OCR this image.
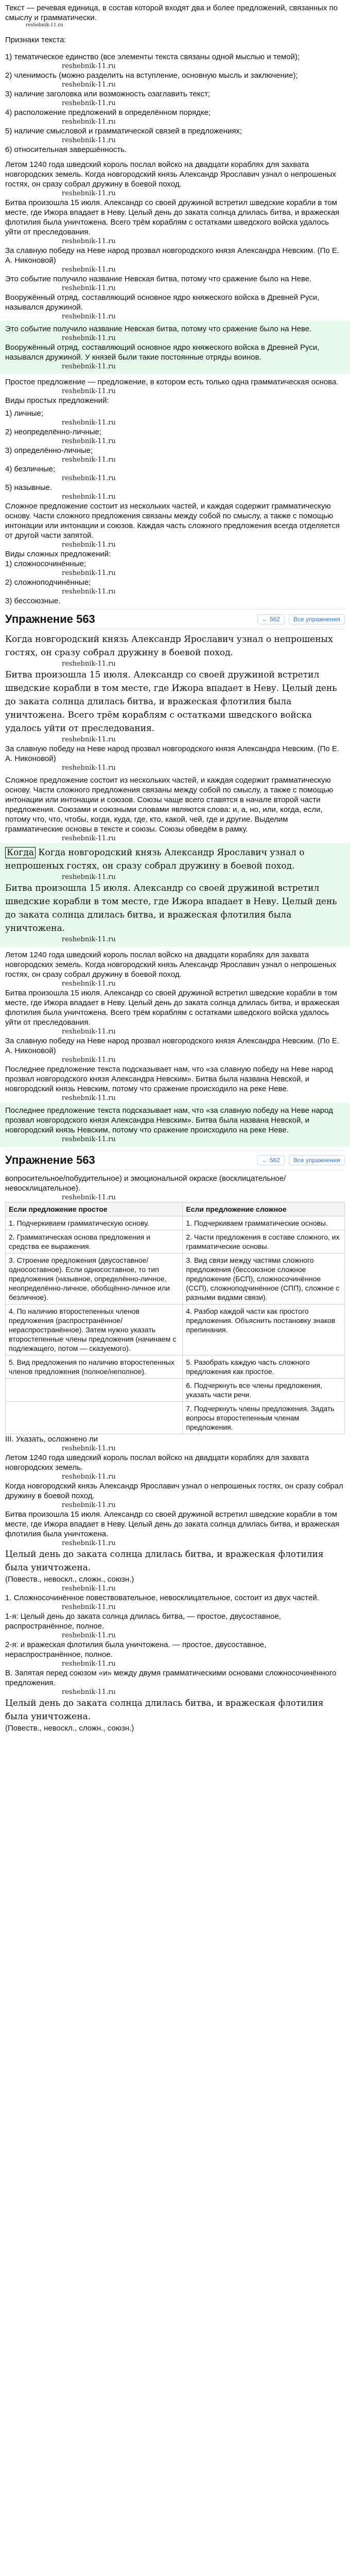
Текст — речевая единица, в состав которой входят два и более предложений, связанных по смыслу и грамматически.

reshebnik-11.ru

Признаки текста:

1) тематическое единство (все элементы текста связаны одной мыслью и темой);

reshebnik-11.ru

2) членимость (можно разделить на вступление, основную мысль и заключение);

reshebnik-11.ru

3) наличие заголовка или возможность озаглавить текст;

reshebnik-11.ru

4) расположение предложений в определённом порядке;

reshebnik-11.ru

5) наличие смысловой и грамматической связей в предложениях;

reshebnik-11.ru

6) относительная завершённость.

Летом 1240 года шведский король послал войско на двадцати кораблях для захвата новгородских земель. Когда новгородский князь Александр Ярославич узнал о непрошеных гостях, он сразу собрал дружину в боевой поход.

reshebnik-11.ru

Битва произошла 15 июля. Александр со своей дружиной встретил шведские корабли в том месте, где Ижора впадает в Неву. Целый день до заката солнца длилась битва, и вражеская флотилия была уничтожена. Всего трём кораблям с остатками шведского войска удалось уйти от преследования.

reshebnik-11.ru

За славную победу на Неве народ прозвал новгородского князя Александра Невским. (По Е. А. Никоновой)

reshebnik-11.ru

Это событие получило название Невская битва, потому что сражение было на Неве.

reshebnik-11.ru

Вооружённый отряд, составляющий основное ядро княжеского войска в Древней Руси, назывался дружиной.

reshebnik-11.ru

Это событие получило название Невская битва, потому что сражение было на Неве.

reshebnik-11.ru

Вооружённый отряд, составляющий основное ядро княжеского войска в Древней Руси, назывался дружиной. У князей были такие постоянные отряды воинов.

reshebnik-11.ru

Простое предложение — предложение, в котором есть только одна грамматическая основа.

reshebnik-11.ru

Виды простых предложений:

1) личные;

reshebnik-11.ru

2) неопределённо-личные;

reshebnik-11.ru

3) определённо-личные;

reshebnik-11.ru

4) безличные;

reshebnik-11.ru

5) назывные.

reshebnik-11.ru

Сложное предложение состоит из нескольких частей, и каждая содержит грамматическую основу. Части сложного предложения связаны между собой по смыслу, а также с помощью интонации или интонации и союзов. Каждая часть сложного предложения всегда отделяется от другой части запятой.

reshebnik-11.ru

Виды сложных предложений:

1) сложносочинённые;

reshebnik-11.ru

2) сложноподчинённые;

reshebnik-11.ru

3) бессоюзные.

Упражнение 563	← 562	Все упражнения

Когда новгородский князь Александр Ярославич узнал о непрошеных гостях, он сразу собрал дружину в боевой поход.

reshebnik-11.ru

Битва произошла 15 июля. Александр со своей дружиной встретил шведские корабли в том месте, где Ижора впадает в Неву. Целый день до заката солнца длилась битва, и вражеская флотилия была уничтожена. Всего трём кораблям с остатками шведского войска удалось уйти от преследования.

reshebnik-11.ru

За славную победу на Неве народ прозвал новгородского князя Александра Невским. (По Е. А. Никоновой)

reshebnik-11.ru

Сложное предложение состоит из нескольких частей, и каждая содержит грамматическую основу. Части сложного предложения связаны между собой по смыслу, а также с помощью интонации или интонации и союзов. Союзы чаще всего ставятся в начале второй части предложения. Союзами и союзными словами являются слова: и, а, но, или, когда, если, потому что, что, чтобы, когда, куда, где, кто, какой, чей, где и другие. Выделим грамматические основы в тексте и союзы. Союзы обведём в рамку.

reshebnik-11.ru

Когда Когда новгородский князь Александр Ярославич узнал о непрошеных гостях, он сразу собрал дружину в боевой поход.

reshebnik-11.ru

Битва произошла 15 июля. Александр со своей дружиной встретил шведские корабли в том месте, где Ижора впадает в Неву. Целый день до заката солнца длилась битва, и вражеская флотилия была уничтожена.

reshebnik-11.ru

Летом 1240 года шведский король послал войско на двадцати кораблях для захвата новгородских земель. Когда новгородский князь Александр Ярославич узнал о непрошеных гостях, он сразу собрал дружину в боевой поход.

reshebnik-11.ru

Битва произошла 15 июля. Александр со своей дружиной встретил шведские корабли в том месте, где Ижора впадает в Неву. Целый день до заката солнца длилась битва, и вражеская флотилия была уничтожена. Всего трём кораблям с остатками шведского войска удалось уйти от преследования.

reshebnik-11.ru

За славную победу на Неве народ прозвал новгородского князя Александра Невским. (По Е. А. Никоновой)

reshebnik-11.ru

Последнее предложение текста подсказывает нам, что «за славную победу на Неве народ прозвал новгородского князя Александра Невским». Битва была названа Невской, и новгородский князь Невским, потому что сражение происходило на реке Неве.

reshebnik-11.ru

Последнее предложение текста подсказывает нам, что «за славную победу на Неве народ прозвал новгородского князя Александра Невским». Битва была названа Невской, и новгородский князь Невским, потому что сражение происходило на реке Неве.

reshebnik-11.ru
Упражнение 563	← 562	Все упражнения

вопросительное/побудительное) и эмоциональной окраске (восклицательное/невосклицательное).

reshebnik-11.ru
Если предложение простое	Если предложение сложное
1. Подчеркиваем грамматическую основу.	1. Подчеркиваем грамматические основы.
2. Грамматическая основа предложения и средства ее выражения.	2. Части предложения в составе сложного, их грамматические основы.
3. Строение предложения (двусоставное/односоставное). Если односоставное, то тип предложения (назывное, определённо-личное, неопределённо-личное, обобщённо-личное или безличное).	3. Вид связи между частями сложного предложения (бессоюзное сложное предложение (БСП), сложносочинённое (ССП), сложноподчинённое (СПП), сложное с разными видами связи).
4. По наличию второстепенных членов предложения (распространённое/ нераспространённое). Затем нужно указать второстепенные члены предложения (начинаем с подлежащего, потом — сказуемого).	4. Разбор каждой части как простого предложения. Объяснить постановку знаков препинания.
5. Вид предложения по наличию второстепенных членов предложения (полное/неполное).	5. Разобрать каждую часть сложного предложения как простое.
	6. Подчеркнуть все члены предложения, указать части речи.
	7. Подчеркнуть члены предложения. Задать вопросы второстепенным членам предложения.

III. Указать, осложнено ли

reshebnik-11.ru

Летом 1240 года шведский король послал войско на двадцати кораблях для захвата новгородских земель.

reshebnik-11.ru

Когда новгородский князь Александр Ярославич узнал о непрошеных гостях, он сразу собрал дружину в боевой поход.

reshebnik-11.ru

Битва произошла 15 июля. Александр со своей дружиной встретил шведские корабли в том месте, где Ижора впадает в Неву. Целый день до заката солнца длилась битва, и вражеская флотилия была уничтожена.

reshebnik-11.ru

Целый день до заката солнца длилась битва, и вражеская флотилия была уничтожена.

(Повеств., невоскл., сложн., союзн.)

reshebnik-11.ru

1. Сложносочинённое повествовательное, невосклицательное, состоит из двух частей.

reshebnik-11.ru

1-я: Целый день до заката солнца длилась битва, — простое, двусоставное, распространённое, полное.

reshebnik-11.ru

2-я: и вражеская флотилия была уничтожена. — простое, двусоставное, нераспространённое, полное.

reshebnik-11.ru

В. Запятая перед союзом «и» между двумя грамматическими основами сложносочинённого предложения.

reshebnik-11.ru

Целый день до заката солнца длилась битва, и вражеская флотилия была уничтожена.

(Повеств., невоскл., сложн., союзн.)
